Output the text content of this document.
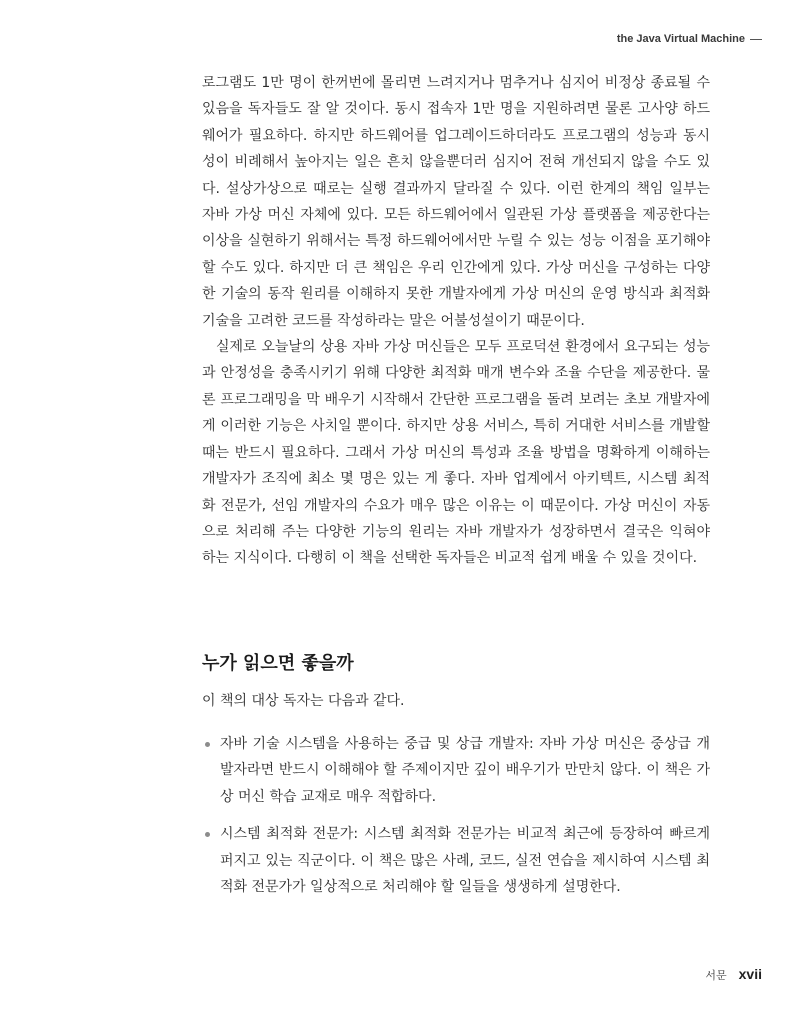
the Java Virtual Machine

로그램도 1만 명이 한꺼번에 몰리면 느려지거나 멈추거나 심지어 비정상 종료될 수 있음을 독자들도 잘 알 것이다. 동시 접속자 1만 명을 지원하려면 물론 고사양 하드웨어가 필요하다. 하지만 하드웨어를 업그레이드하더라도 프로그램의 성능과 동시성이 비례해서 높아지는 일은 흔치 않을뿐더러 심지어 전혀 개선되지 않을 수도 있다. 설상가상으로 때로는 실행 결과까지 달라질 수 있다. 이런 한계의 책임 일부는 자바 가상 머신 자체에 있다. 모든 하드웨어에서 일관된 가상 플랫폼을 제공한다는 이상을 실현하기 위해서는 특정 하드웨어에서만 누릴 수 있는 성능 이점을 포기해야 할 수도 있다. 하지만 더 큰 책임은 우리 인간에게 있다. 가상 머신을 구성하는 다양한 기술의 동작 원리를 이해하지 못한 개발자에게 가상 머신의 운영 방식과 최적화 기술을 고려한 코드를 작성하라는 말은 어불성설이기 때문이다.

실제로 오늘날의 상용 자바 가상 머신들은 모두 프로덕션 환경에서 요구되는 성능과 안정성을 충족시키기 위해 다양한 최적화 매개 변수와 조율 수단을 제공한다. 물론 프로그래밍을 막 배우기 시작해서 간단한 프로그램을 돌려 보려는 초보 개발자에게 이러한 기능은 사치일 뿐이다. 하지만 상용 서비스, 특히 거대한 서비스를 개발할 때는 반드시 필요하다. 그래서 가상 머신의 특성과 조율 방법을 명확하게 이해하는 개발자가 조직에 최소 몇 명은 있는 게 좋다. 자바 업계에서 아키텍트, 시스템 최적화 전문가, 선임 개발자의 수요가 매우 많은 이유는 이 때문이다. 가상 머신이 자동으로 처리해 주는 다양한 기능의 원리는 자바 개발자가 성장하면서 결국은 익혀야 하는 지식이다. 다행히 이 책을 선택한 독자들은 비교적 쉽게 배울 수 있을 것이다.

누가 읽으면 좋을까
이 책의 대상 독자는 다음과 같다.
자바 기술 시스템을 사용하는 중급 및 상급 개발자: 자바 가상 머신은 중상급 개발자라면 반드시 이해해야 할 주제이지만 깊이 배우기가 만만치 않다. 이 책은 가상 머신 학습 교재로 매우 적합하다.
시스템 최적화 전문가: 시스템 최적화 전문가는 비교적 최근에 등장하여 빠르게 퍼지고 있는 직군이다. 이 책은 많은 사례, 코드, 실전 연습을 제시하여 시스템 최적화 전문가가 일상적으로 처리해야 할 일들을 생생하게 설명한다.
서문 xvii
